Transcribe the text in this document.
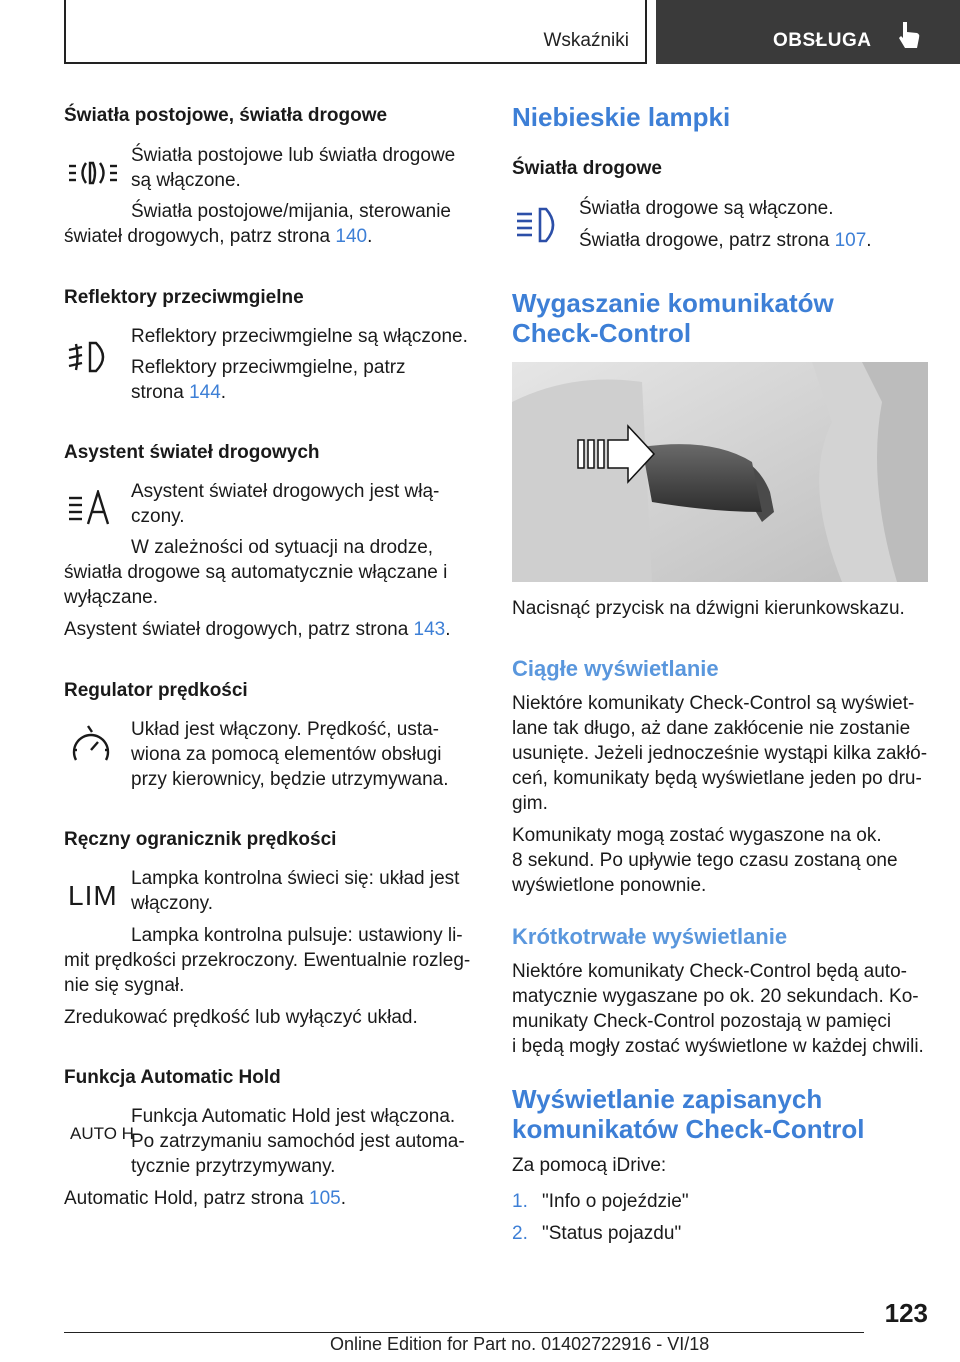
Wskaźniki	OBSŁUGA
Światła postojowe, światła drogowe
Światła postojowe lub światła drogowe
są włączone.
Światła postojowe/mijania, sterowanie
świateł drogowych, patrz strona 140.
Reflektory przeciwmgielne
Reflektory przeciwmgielne są włączone.
Reflektory przeciwmgielne, patrz
strona 144.
Asystent świateł drogowych
Asystent świateł drogowych jest włą‐
czony.
W zależności od sytuacji na drodze,
światła drogowe są automatycznie włączane i
wyłączane.
Asystent świateł drogowych, patrz strona 143.
Regulator prędkości
Układ jest włączony. Prędkość, usta‐
wiona za pomocą elementów obsługi
przy kierownicy, będzie utrzymywana.
Ręczny ogranicznik prędkości
LIM
Lampka kontrolna świeci się: układ jest
włączony.
Lampka kontrolna pulsuje: ustawiony li‐
mit prędkości przekroczony. Ewentualnie rozleg‐
nie się sygnał.
Zredukować prędkość lub wyłączyć układ.
Funkcja Automatic Hold
AUTO H
Funkcja Automatic Hold jest włączona.
Po zatrzymaniu samochód jest automa‐
tycznie przytrzymywany.
Automatic Hold, patrz strona 105.
Niebieskie lampki
Światła drogowe
Światła drogowe są włączone.
Światła drogowe, patrz strona 107.
Wygaszanie komunikatów
Check-Control
Nacisnąć przycisk na dźwigni kierunkowskazu.
Ciągłe wyświetlanie
Niektóre komunikaty Check-Control są wyświet‐
lane tak długo, aż dane zakłócenie nie zostanie
usunięte. Jeżeli jednocześnie wystąpi kilka zakłó‐
ceń, komunikaty będą wyświetlane jeden po dru‐
gim.
Komunikaty mogą zostać wygaszone na ok.
8 sekund. Po upływie tego czasu zostaną one
wyświetlone ponownie.
Krótkotrwałe wyświetlanie
Niektóre komunikaty Check-Control będą auto‐
matycznie wygaszane po ok. 20 sekundach. Ko‐
munikaty Check-Control pozostają w pamięci
i będą mogły zostać wyświetlone w każdej chwili.
Wyświetlanie zapisanych
komunikatów Check-Control
Za pomocą iDrive:
1. "Info o pojeździe"
2. "Status pojazdu"
123
Online Edition for Part no. 01402722916 - VI/18
